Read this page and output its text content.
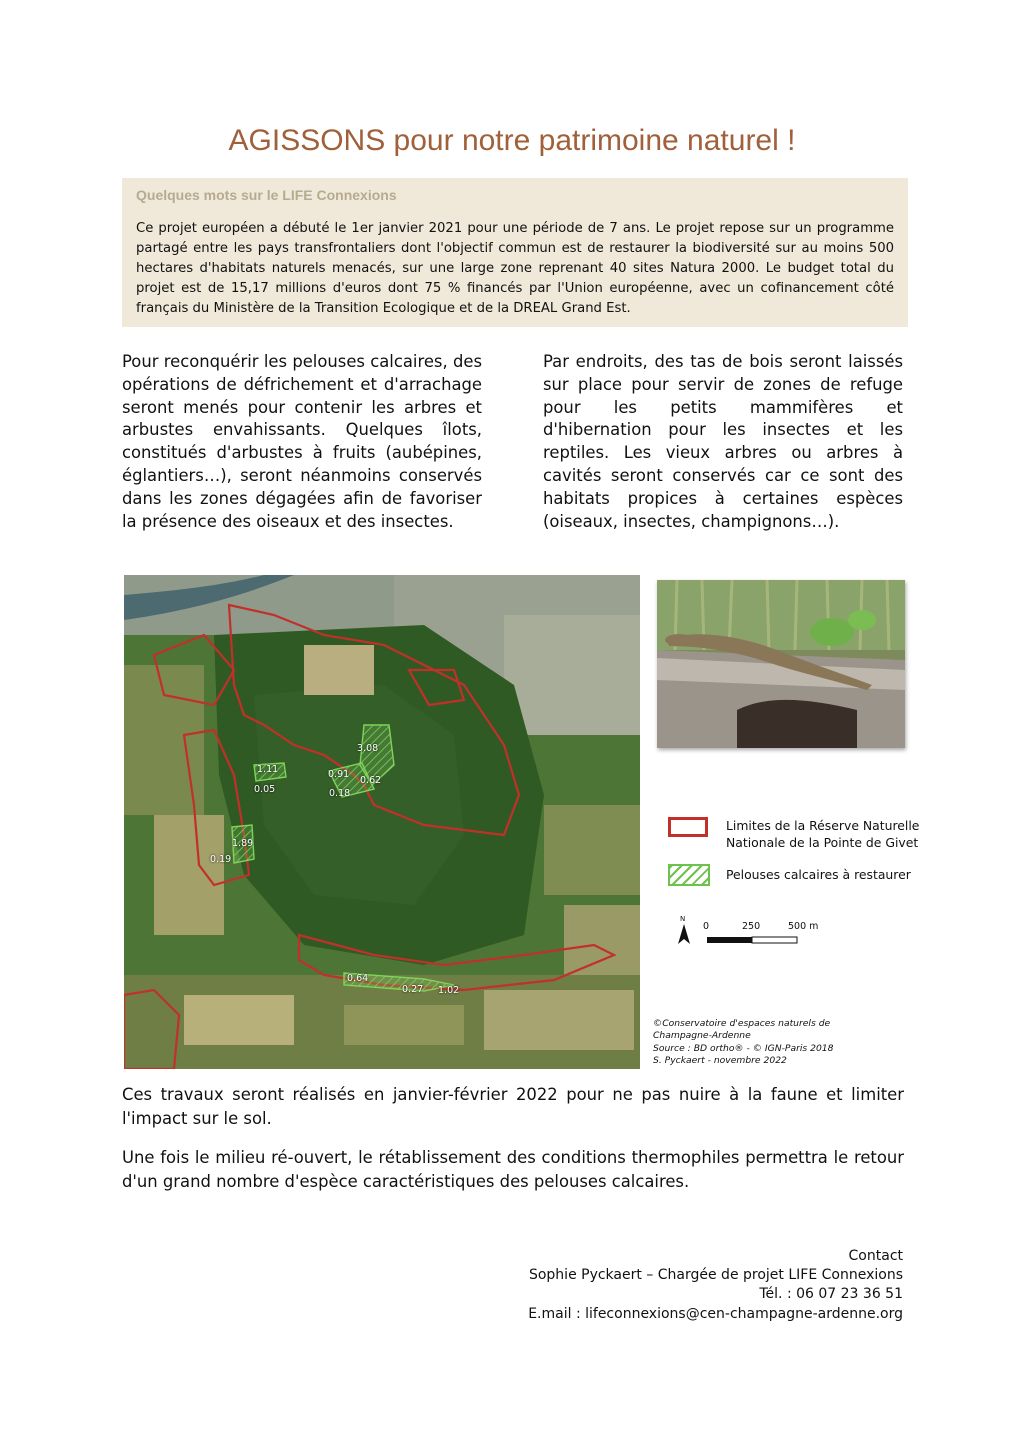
AGISSONS pour notre patrimoine naturel !
Quelques mots sur le LIFE Connexions
Ce projet européen a débuté le 1er janvier 2021 pour une période de 7 ans. Le projet repose sur un programme partagé entre les pays transfrontaliers dont l'objectif commun est de restaurer la biodiversité sur au moins 500 hectares d'habitats naturels menacés, sur une large zone reprenant 40 sites Natura 2000. Le budget total du projet est de 15,17 millions d'euros dont 75 % financés par l'Union européenne, avec un cofinancement côté français du Ministère de la Transition Ecologique et de la DREAL Grand Est.
Pour reconquérir les pelouses calcaires, des opérations de défrichement et d'arrachage seront menés pour contenir les arbres et arbustes envahissants. Quelques îlots, constitués d'arbustes à fruits (aubépines, églantiers…), seront néanmoins conservés dans les zones dégagées afin de favoriser la présence des oiseaux et des insectes.
Par endroits, des tas de bois seront laissés sur place pour servir de zones de refuge pour les petits mammifères et d'hibernation pour les insectes et les reptiles. Les vieux arbres ou arbres à cavités seront conservés car ce sont des habitats propices à certaines espèces (oiseaux, insectes, champignons…).
3.08
1.11	0.91
0.62
0.05	0.18
1.89
0.19
0.64
0.27 1.02
Limites de la Réserve Naturelle Nationale de la Pointe de Givet
Pelouses calcaires à restaurer
N
0	250	500 m
©Conservatoire d'espaces naturels de Champagne-Ardenne
Source : BD ortho® - © IGN-Paris 2018
S. Pyckaert - novembre 2022
Ces travaux seront réalisés en janvier-février 2022 pour ne pas nuire à la faune et limiter l'impact sur le sol.
Une fois le milieu ré-ouvert, le rétablissement des conditions thermophiles permettra le retour d'un grand nombre d'espèce caractéristiques des pelouses calcaires.
Contact
Sophie Pyckaert – Chargée de projet LIFE Connexions
Tél. : 06 07 23 36 51
E.mail : lifeconnexions@cen-champagne-ardenne.org
